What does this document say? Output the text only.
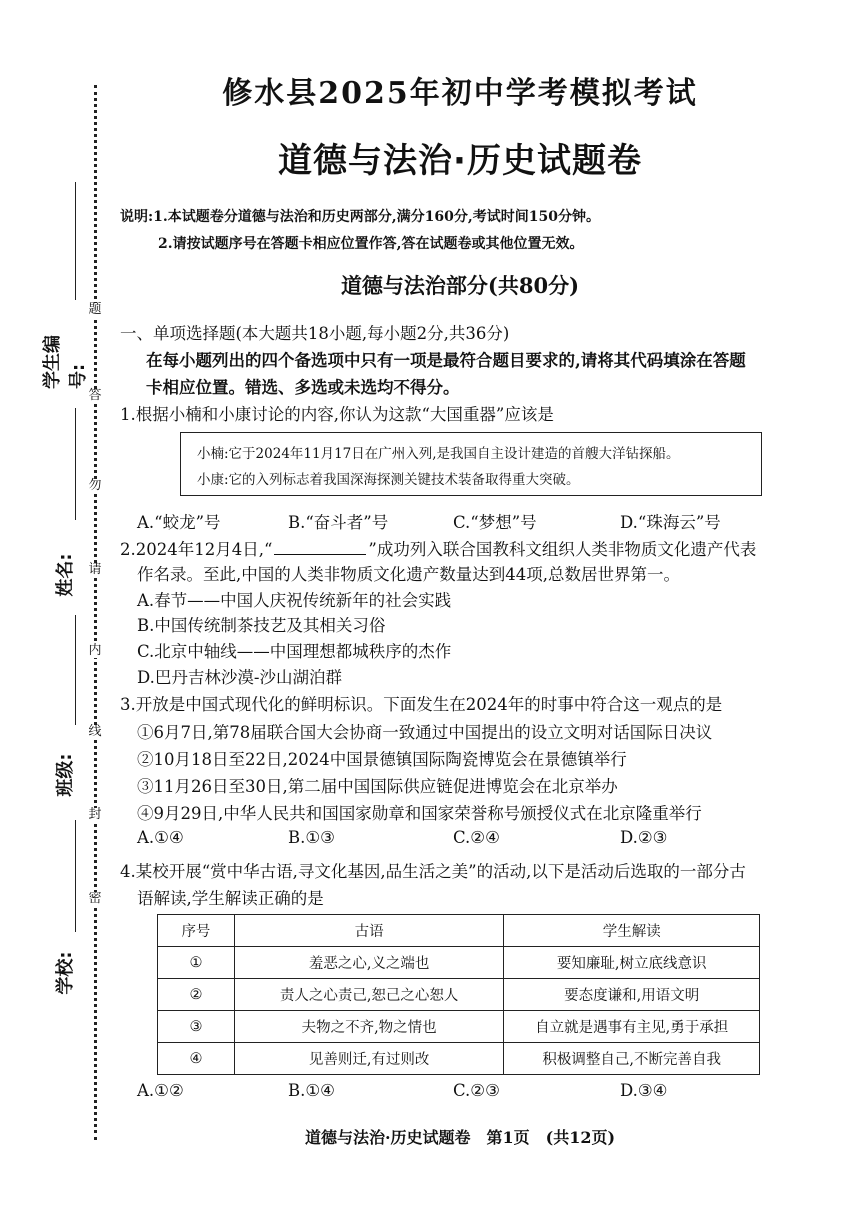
题
答
勿
请
内
线
封
密
学生编号:
姓名:
班级:
学校:
修水县2025年初中学考模拟考试
道德与法治·历史试题卷
说明:1.本试题卷分道德与法治和历史两部分,满分160分,考试时间150分钟。
2.请按试题序号在答题卡相应位置作答,答在试题卷或其他位置无效。
道德与法治部分(共80分)
一、单项选择题(本大题共18小题,每小题2分,共36分)
在每小题列出的四个备选项中只有一项是最符合题目要求的,请将其代码填涂在答题
卡相应位置。错选、多选或未选均不得分。
1.根据小楠和小康讨论的内容,你认为这款“大国重器”应该是
小楠:它于2024年11月17日在广州入列,是我国自主设计建造的首艘大洋钻探船。
小康:它的入列标志着我国深海探测关键技术装备取得重大突破。
A.“蛟龙”号	B.“奋斗者”号	C.“梦想”号	D.“珠海云”号
2.2024年12月4日,“	”成功列入联合国教科文组织人类非物质文化遗产代表
作名录。至此,中国的人类非物质文化遗产数量达到44项,总数居世界第一。
A.春节——中国人庆祝传统新年的社会实践
B.中国传统制茶技艺及其相关习俗
C.北京中轴线——中国理想都城秩序的杰作
D.巴丹吉林沙漠-沙山湖泊群
3.开放是中国式现代化的鲜明标识。下面发生在2024年的时事中符合这一观点的是
①6月7日,第78届联合国大会协商一致通过中国提出的设立文明对话国际日决议
②10月18日至22日,2024中国景德镇国际陶瓷博览会在景德镇举行
③11月26日至30日,第二届中国国际供应链促进博览会在北京举办
④9月29日,中华人民共和国国家勋章和国家荣誉称号颁授仪式在北京隆重举行
A.①④	B.①③	C.②④	D.②③
4.某校开展“赏中华古语,寻文化基因,品生活之美”的活动,以下是活动后选取的一部分古
语解读,学生解读正确的是
序号	古语	学生解读
①	羞恶之心,义之端也	要知廉耻,树立底线意识
②	责人之心责己,恕己之心恕人	要态度谦和,用语文明
③	夫物之不齐,物之情也	自立就是遇事有主见,勇于承担
④	见善则迁,有过则改	积极调整自己,不断完善自我
A.①②	B.①④	C.②③	D.③④
道德与法治·历史试题卷　第1页　(共12页)
